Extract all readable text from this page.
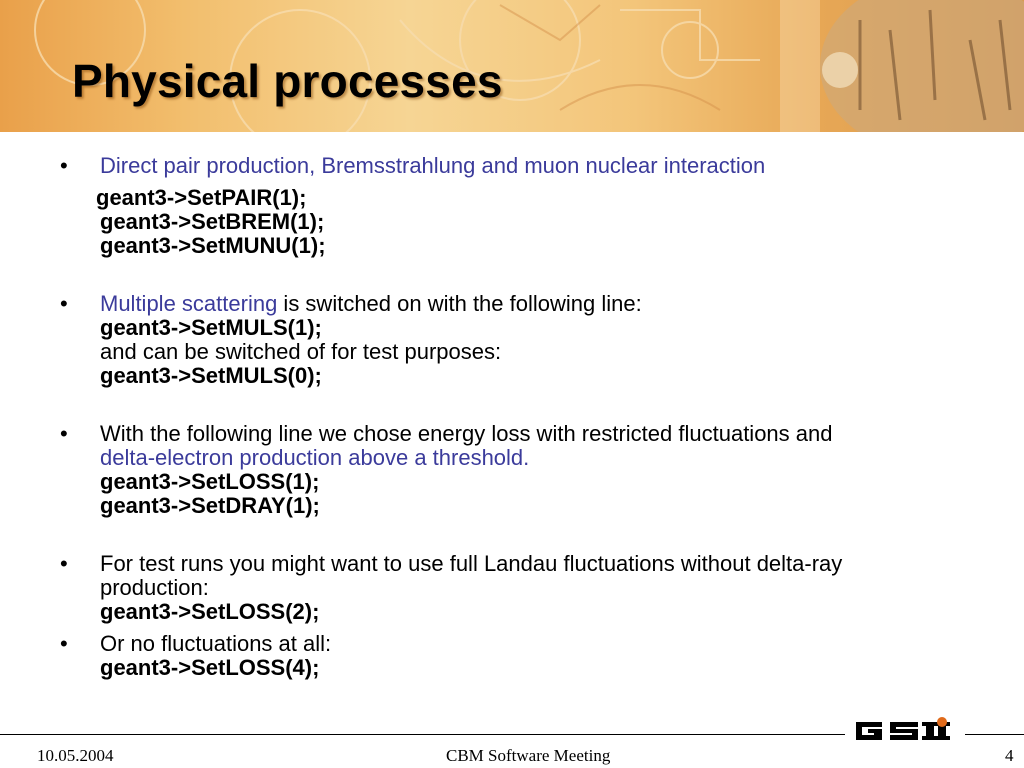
Physical processes
•	Direct pair production, Bremsstrahlung and muon nuclear interaction
geant3->SetPAIR(1);
geant3->SetBREM(1);
geant3->SetMUNU(1);
•	Multiple scattering is switched on with the following line:
geant3->SetMULS(1);
and can be switched of for test purposes:
geant3->SetMULS(0);
•	With the following line we chose energy loss with restricted fluctuations and
delta-electron production above a threshold.
geant3->SetLOSS(1);
geant3->SetDRAY(1);
•	For test runs you might want to use full Landau fluctuations without delta-ray production:
geant3->SetLOSS(2);
•	Or no fluctuations at all:
geant3->SetLOSS(4);
10.05.2004	CBM Software Meeting	4
